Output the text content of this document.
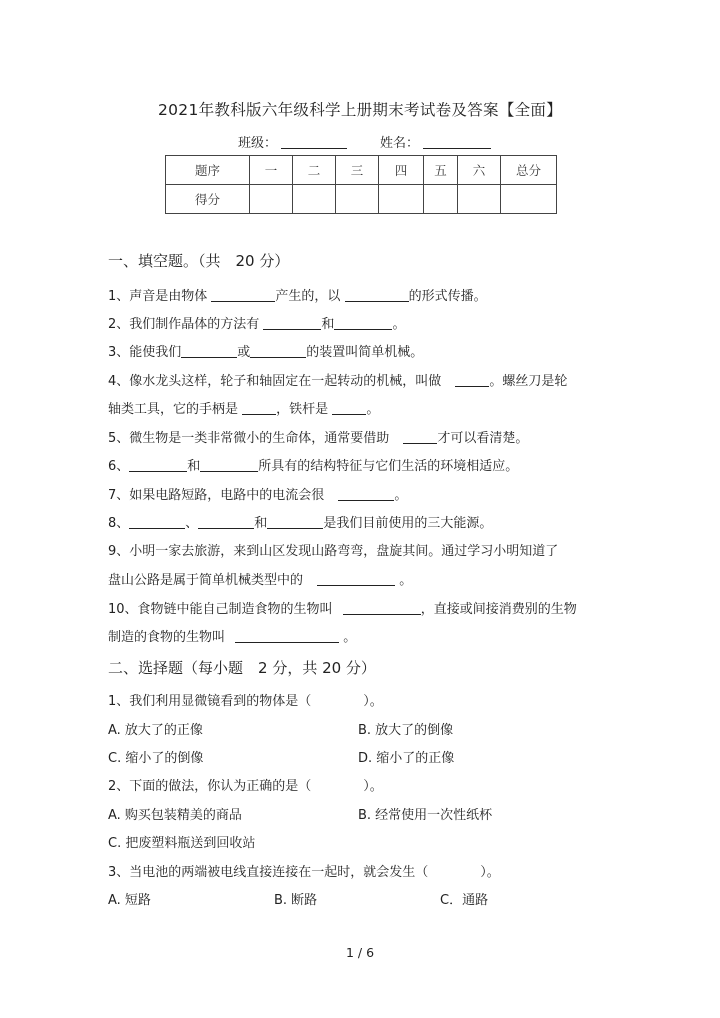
2021年教科版六年级科学上册期末考试卷及答案【全面】
班级：	姓名：
题序	一	二	三	四	五	六	总分
得分							
一、填空题。（共　20 分）
1、声音是由物体	产生的，以	的形式传播。
2、我们制作晶体的方法有	和	。
3、能使我们	或	的装置叫简单机械。
4、像水龙头这样，轮子和轴固定在一起转动的机械，叫做	。螺丝刀是轮
轴类工具，它的手柄是	，铁杆是	。
5、微生物是一类非常微小的生命体，通常要借助	才可以看清楚。
6、	和	所具有的结构特征与它们生活的环境相适应。
7、如果电路短路，电路中的电流会很	。
8、	、	和	是我们目前使用的三大能源。
9、小明一家去旅游，来到山区发现山路弯弯，盘旋其间。通过学习小明知道了
盘山公路是属于简单机械类型中的	。
10、食物链中能自己制造食物的生物叫	，直接或间接消费别的生物
制造的食物的生物叫	。
二、选择题（每小题　2 分，共 20 分）
1、我们利用显微镜看到的物体是（　　　　）。
A. 放大了的正像	B. 放大了的倒像
C. 缩小了的倒像	D. 缩小了的正像
2、下面的做法，你认为正确的是（　　　　）。
A. 购买包装精美的商品	B. 经常使用一次性纸杯
C. 把废塑料瓶送到回收站
3、当电池的两端被电线直接连接在一起时，就会发生（　　　　）。
A. 短路	B. 断路	C．通路
1 / 6
